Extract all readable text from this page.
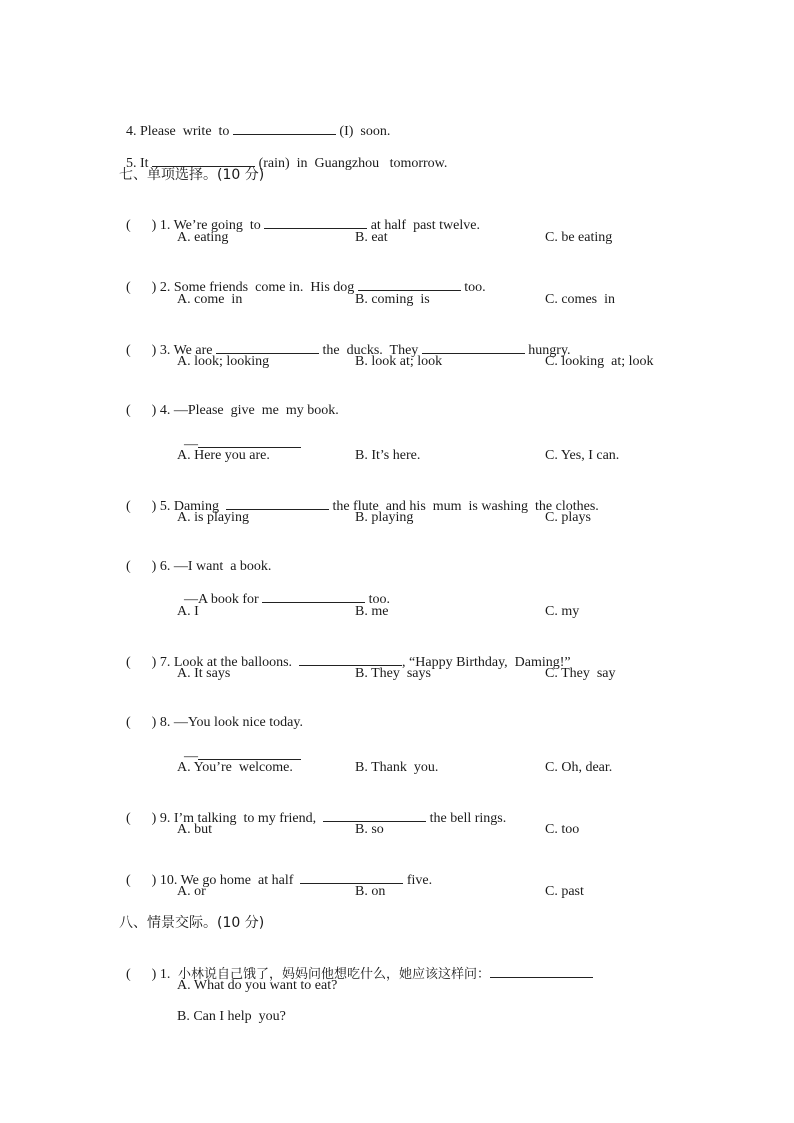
4. Please  write  to	(I)  soon.

5. It	(rain)  in  Guangzhou   tomorrow.

七、单项选择。(10 分)

(      ) 1. We’re going  to	at half  past twelve.

A. eating	B. eat	C. be eating

(      ) 2. Some friends  come in.  His dog	too.

A. come  in	B. coming  is	C. comes  in

(      ) 3. We are	the  ducks.  They	hungry.

A. look; looking	B. look at; look	C. looking  at; look

(      ) 4. —Please  give  me  my book.

—

A. Here you are.	B. It’s here.	C. Yes, I can.

(      ) 5. Daming	the flute  and his  mum  is washing  the clothes.

A. is playing	B. playing	C. plays

(      ) 6. —I want  a book.

—A book for	too.

A. I	B. me	C. my

(      ) 7. Look at the balloons.	, “Happy Birthday,  Daming!”

A. It says	B. They  says	C. They  say

(      ) 8. —You look nice today.

—

A. You’re  welcome.	B. Thank  you.	C. Oh, dear.

(      ) 9. I’m talking  to my friend,	the bell rings.

A. but	B. so	C. too

(      ) 10. We go home  at half	five.

A. or	B. on	C. past
八、情景交际。(10 分)

(      ) 1.  小林说自己饿了，妈妈问他想吃什么，她应该这样问：

A. What do you want to eat?
B. Can I help  you?
